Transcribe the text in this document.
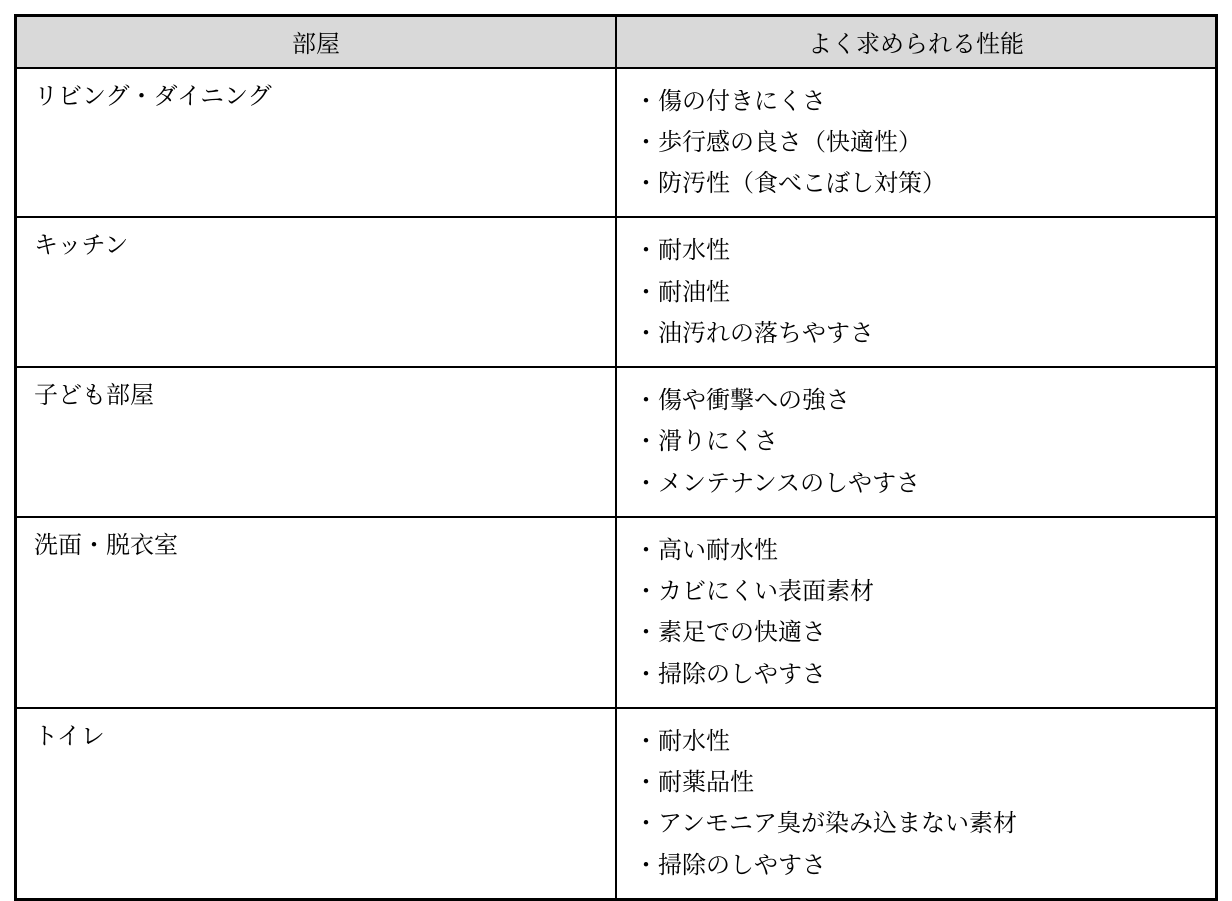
部屋	よく求められる性能

リビング・ダイニング	・傷の付きにくさ
・歩行感の良さ（快適性）
・防汚性（食べこぼし対策）

キッチン	・耐水性
・耐油性
・油汚れの落ちやすさ

子ども部屋	・傷や衝撃への強さ
・滑りにくさ
・メンテナンスのしやすさ

洗面・脱衣室	・高い耐水性
・カビにくい表面素材
・素足での快適さ
・掃除のしやすさ

トイレ	・耐水性
・耐薬品性
・アンモニア臭が染み込まない素材
・掃除のしやすさ
